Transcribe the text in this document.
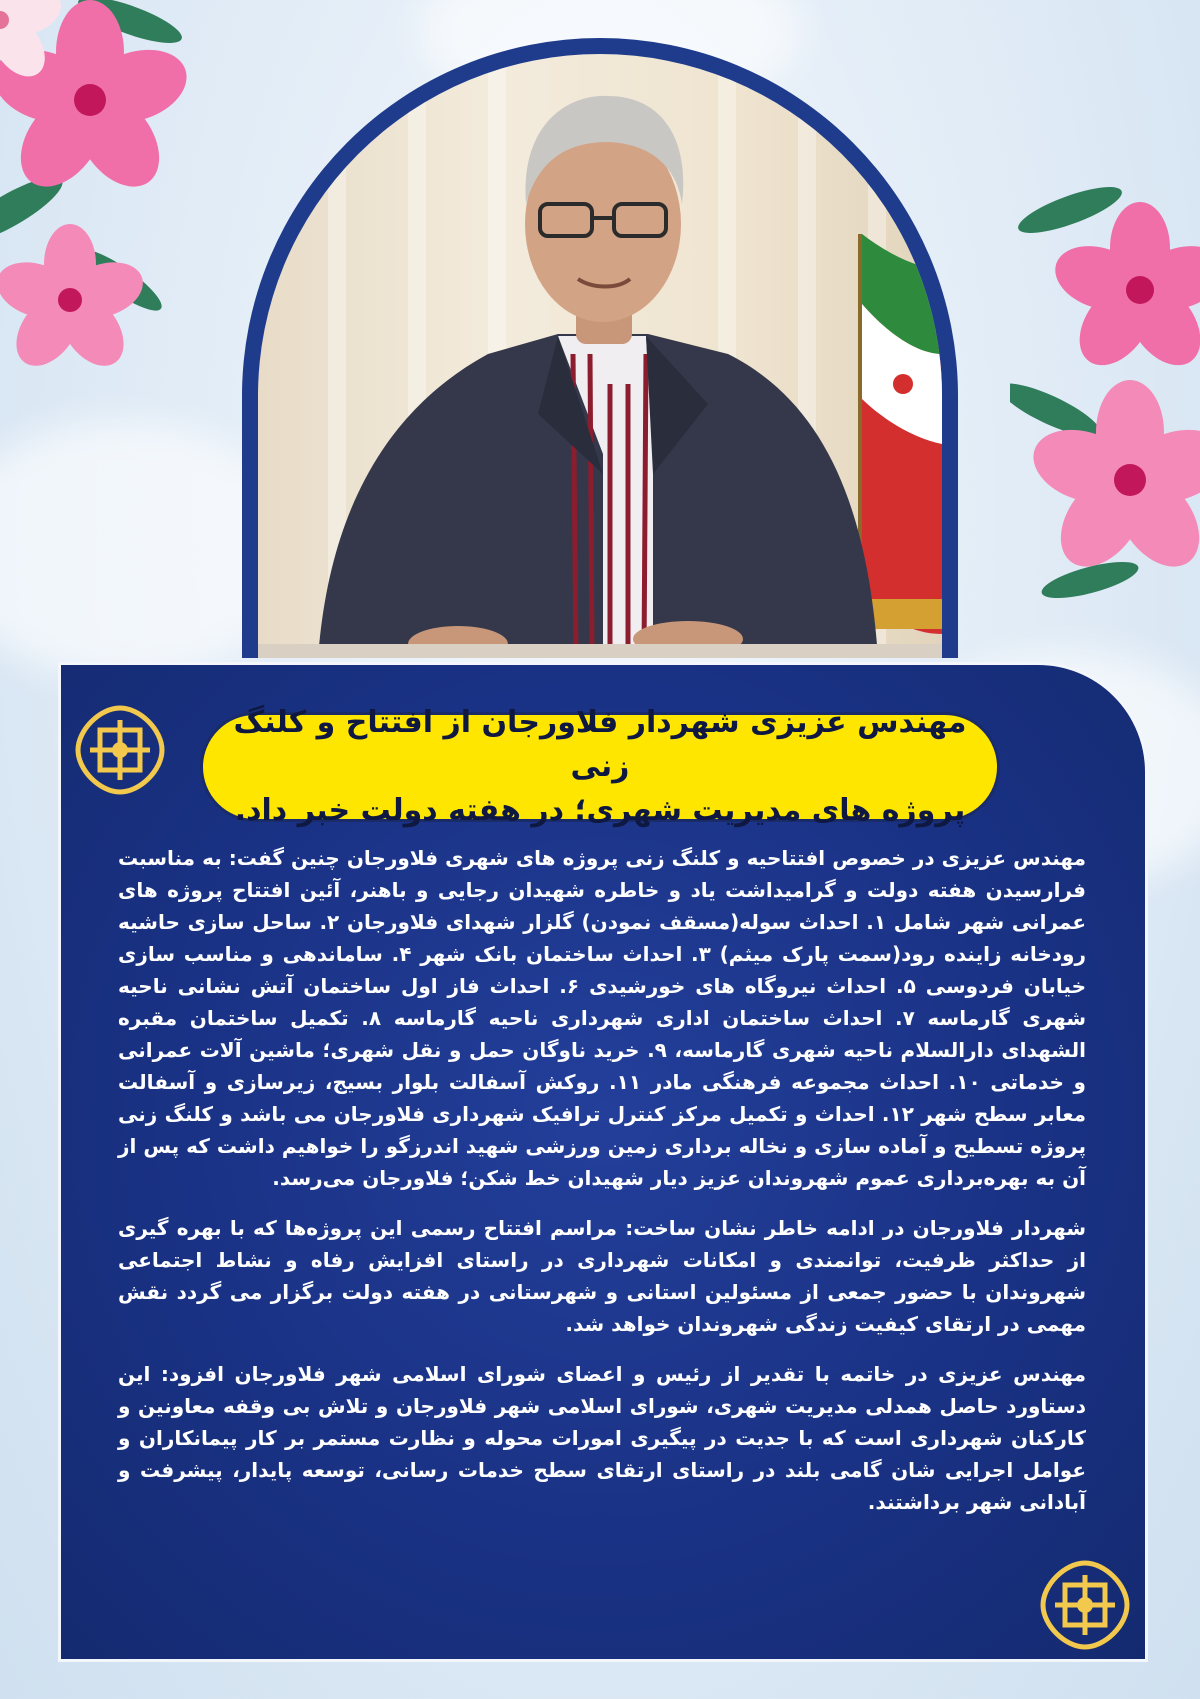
مهندس عزیزی شهردار فلاورجان از افتتاح و کلنگ زنی

پروژه های مدیریت شهری؛ در هفته دولت خبر داد.

مهندس عزیزی در خصوص افتتاحیه و کلنگ زنی پروژه های شهری فلاورجان چنین گفت: به مناسبت فرارسیدن هفته دولت و گرامیداشت یاد و خاطره شهیدان رجایی و باهنر، آئین افتتاح پروژه های عمرانی شهر شامل ۱. احداث سوله(مسقف نمودن) گلزار شهدای فلاورجان ۲. ساحل سازی حاشیه رودخانه زاینده رود(سمت پارک میثم) ۳. احداث ساختمان بانک شهر ۴. ساماندهی و مناسب سازی خیابان فردوسی ۵. احداث نیروگاه های خورشیدی ۶. احداث فاز اول ساختمان آتش نشانی ناحیه شهری گارماسه ۷. احداث ساختمان اداری شهرداری ناحیه گارماسه ۸. تکمیل ساختمان مقبره الشهدای دارالسلام ناحیه شهری گارماسه، ۹. خرید ناوگان حمل و نقل شهری؛ ماشین آلات عمرانی و خدماتی ۱۰. احداث مجموعه فرهنگی مادر ۱۱. روکش آسفالت بلوار بسیج، زیرسازی و آسفالت معابر سطح شهر ۱۲. احداث و تکمیل مرکز کنترل ترافیک شهرداری فلاورجان می باشد و کلنگ زنی پروژه تسطیح و آماده سازی و نخاله برداری زمین ورزشی شهید اندرزگو را خواهیم داشت که پس از آن به بهره‌برداری عموم شهروندان عزیز دیار شهیدان خط شکن؛ فلاورجان می‌رسد.

شهردار فلاورجان در ادامه خاطر نشان ساخت: مراسم افتتاح رسمی این پروژه‌ها که با بهره گیری از حداکثر ظرفیت، توانمندی و امکانات شهرداری در راستای افزایش رفاه و نشاط اجتماعی شهروندان با حضور جمعی از مسئولین استانی و شهرستانی در هفته دولت برگزار می گردد نقش مهمی در ارتقای کیفیت زندگی شهروندان خواهد شد.

مهندس عزیزی در خاتمه با تقدیر از رئیس و اعضای شورای اسلامی شهر فلاورجان افزود: این دستاورد حاصل همدلی مدیریت شهری، شورای اسلامی شهر فلاورجان و تلاش بی وقفه معاونین و کارکنان شهرداری است که با جدیت در پیگیری امورات محوله و نظارت مستمر بر کار پیمانکاران و عوامل اجرایی شان گامی بلند در راستای ارتقای سطح خدمات رسانی، توسعه پایدار، پیشرفت و آبادانی شهر برداشتند.
